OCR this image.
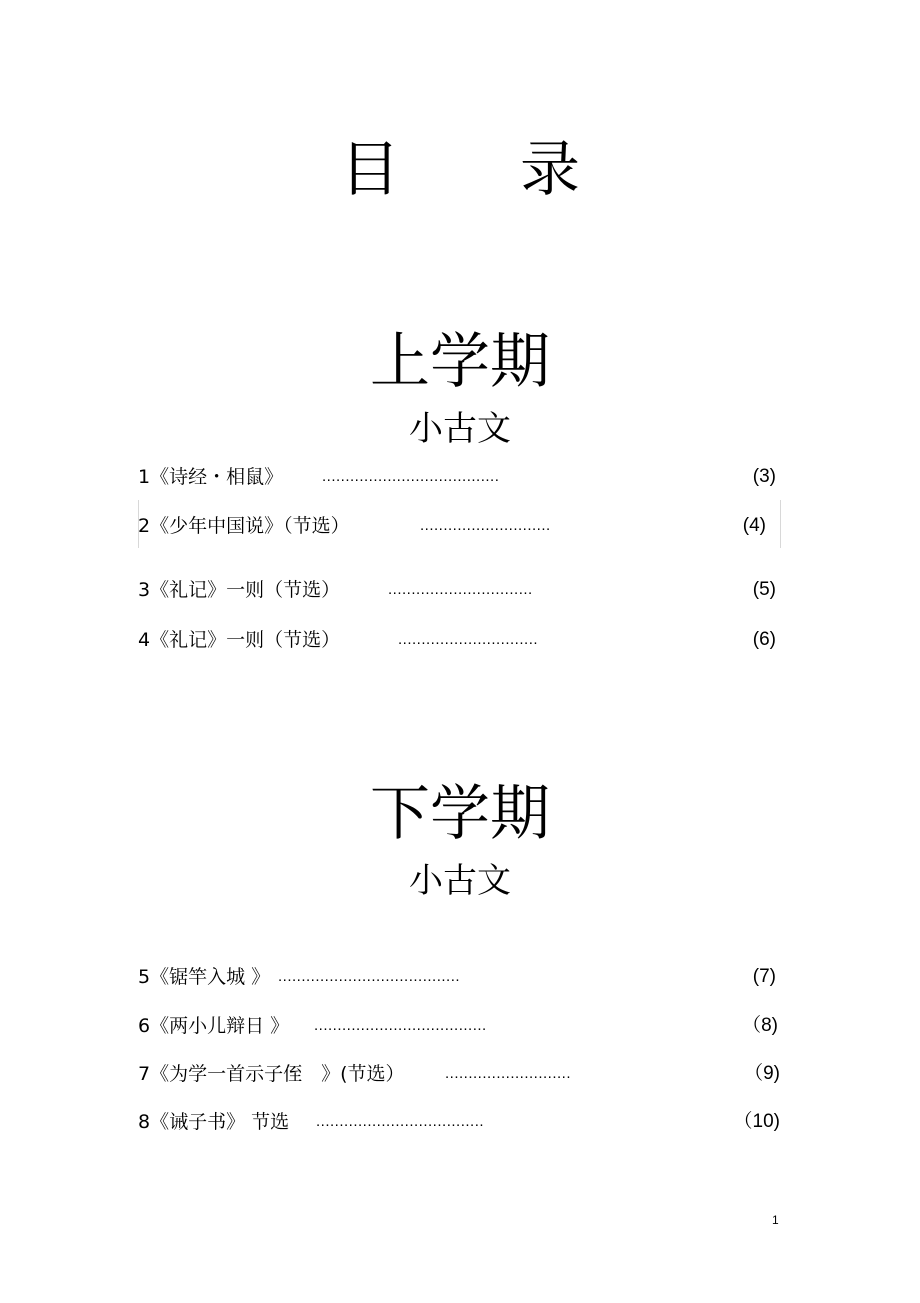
目　　录
上学期
小古文
1《诗经・相鼠》	......................................	(3)
2《少年中国说》（节选）	............................	(4)
3《礼记》一则（节选）	...............................	(5)
4《礼记》一则（节选）	..............................	(6)
下学期
小古文
5《锯竿入城 》 .......................................	(7)
6《两小儿辩日 》 .....................................	（8)
7《为学一首示子侄　》(节选）	...........................	（9)
8《诫子书》 节选 ....................................	（10)
1
